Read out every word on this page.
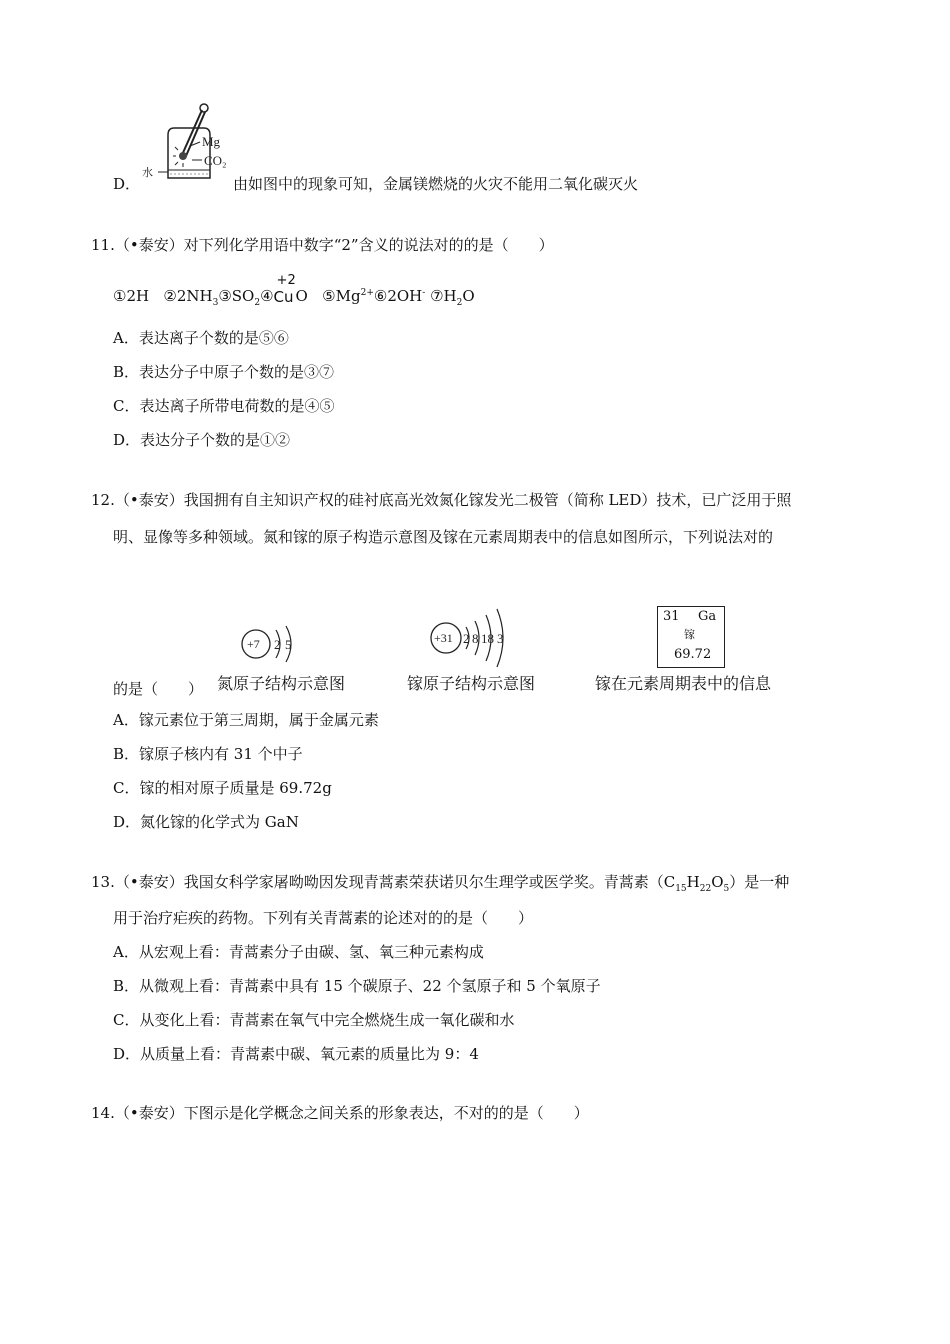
Mg
CO₂
水
D．	由如图中的现象可知，金属镁燃烧的火灾不能用二氧化碳灭火
11.（•泰安）对下列化学用语中数字“2”含义的说法对的的是（　　）
①2H $②2NH_3③SO_2④$
+2
Cu O $⑤Mg^{2+}⑥2OH^-$ $⑦H_2O$
A．表达离子个数的是⑤⑥
B．表达分子中原子个数的是③⑦
C．表达离子所带电荷数的是④⑤
D．表达分子个数的是①②
12.（•泰安）我国拥有自主知识产权的硅衬底高光效氮化镓发光二极管（简称 LED）技术，已广泛用于照
明、显像等多种领域。氮和镓的原子构造示意图及镓在元素周期表中的信息如图所示，下列说法对的
+7 2 5
氮原子结构示意图
+31 2 8 18 3
镓原子结构示意图
31 Ga
镓
69.72
镓在元素周期表中的信息
的是（　　）
A．镓元素位于第三周期，属于金属元素
B．镓原子核内有 31 个中子
C．镓的相对原子质量是 69.72g
D．氮化镓的化学式为 GaN
13.（•泰安）我国女科学家屠呦呦因发现青蒿素荣获诺贝尔生理学或医学奖。青蒿素$(C_{15}H_{22}O_5)$是一种
用于治疗疟疾的药物。下列有关青蒿素的论述对的的是（　　）
A．从宏观上看：青蒿素分子由碳、氢、氧三种元素构成
B．从微观上看：青蒿素中具有 15 个碳原子、22 个氢原子和 5 个氧原子
C．从变化上看：青蒿素在氧气中完全燃烧生成一氧化碳和水
D．从质量上看：青蒿素中碳、氧元素的质量比为 9：4
14.（•泰安）下图示是化学概念之间关系的形象表达，不对的的是（　　）
